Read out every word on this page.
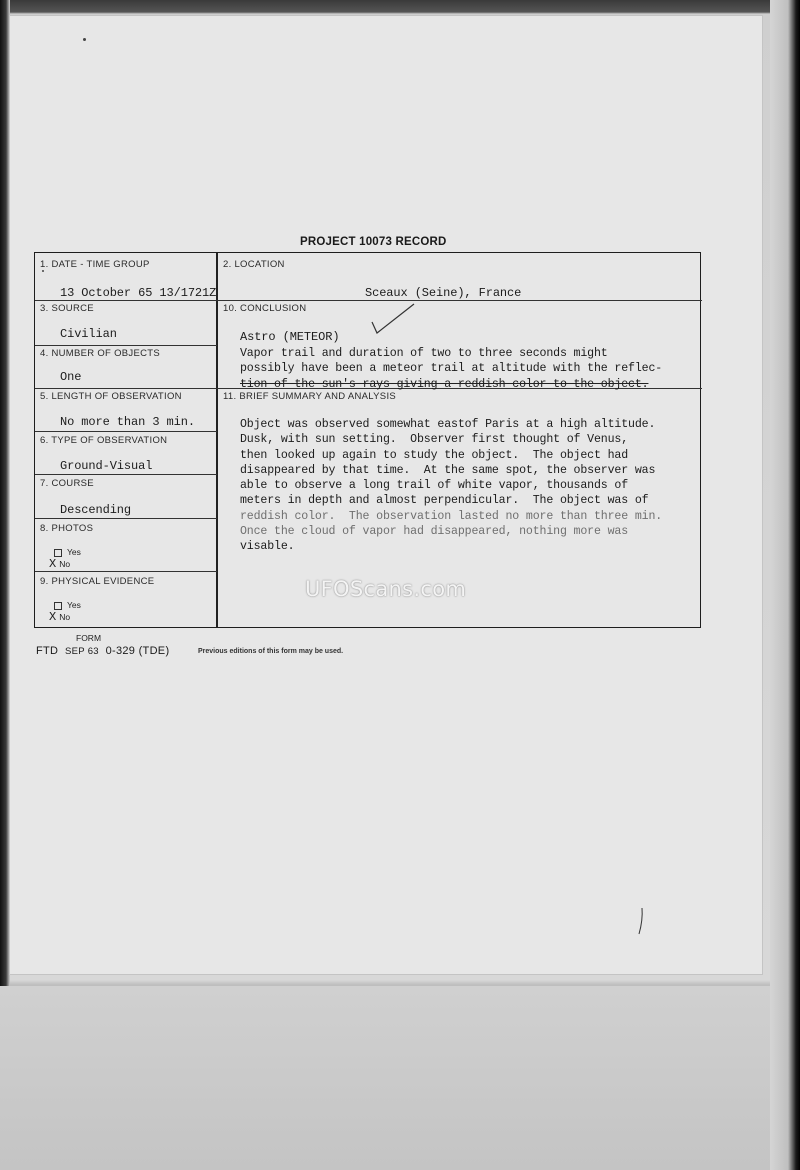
PROJECT 10073 RECORD
1. DATE - TIME GROUP
13 October 65 13/1721Z
2. LOCATION
Sceaux (Seine), France
3. SOURCE
Civilian
10. CONCLUSION
Astro (METEOR)
Vapor trail and duration of two to three seconds might
possibly have been a meteor trail at altitude with the reflec-
tion of the sun's rays giving a reddish color to the object.
4. NUMBER OF OBJECTS
One
5. LENGTH OF OBSERVATION
No more than 3 min.
11. BRIEF SUMMARY AND ANALYSIS
Object was observed somewhat eastof Paris at a high altitude.
Dusk, with sun setting.  Observer first thought of Venus,
then looked up again to study the object.  The object had
disappeared by that time.  At the same spot, the observer was
able to observe a long trail of white vapor, thousands of
meters in depth and almost perpendicular.  The object was of
reddish color.  The observation lasted no more than three min.
Once the cloud of vapor had disappeared, nothing more was
visable.
6. TYPE OF OBSERVATION
Ground-Visual
7. COURSE
Descending
8. PHOTOS
Yes
X No
9. PHYSICAL EVIDENCE
Yes
X No
FORM
FTD SEP 63 0-329 (TDE)	Previous editions of this form may be used.
UFOScans.com
